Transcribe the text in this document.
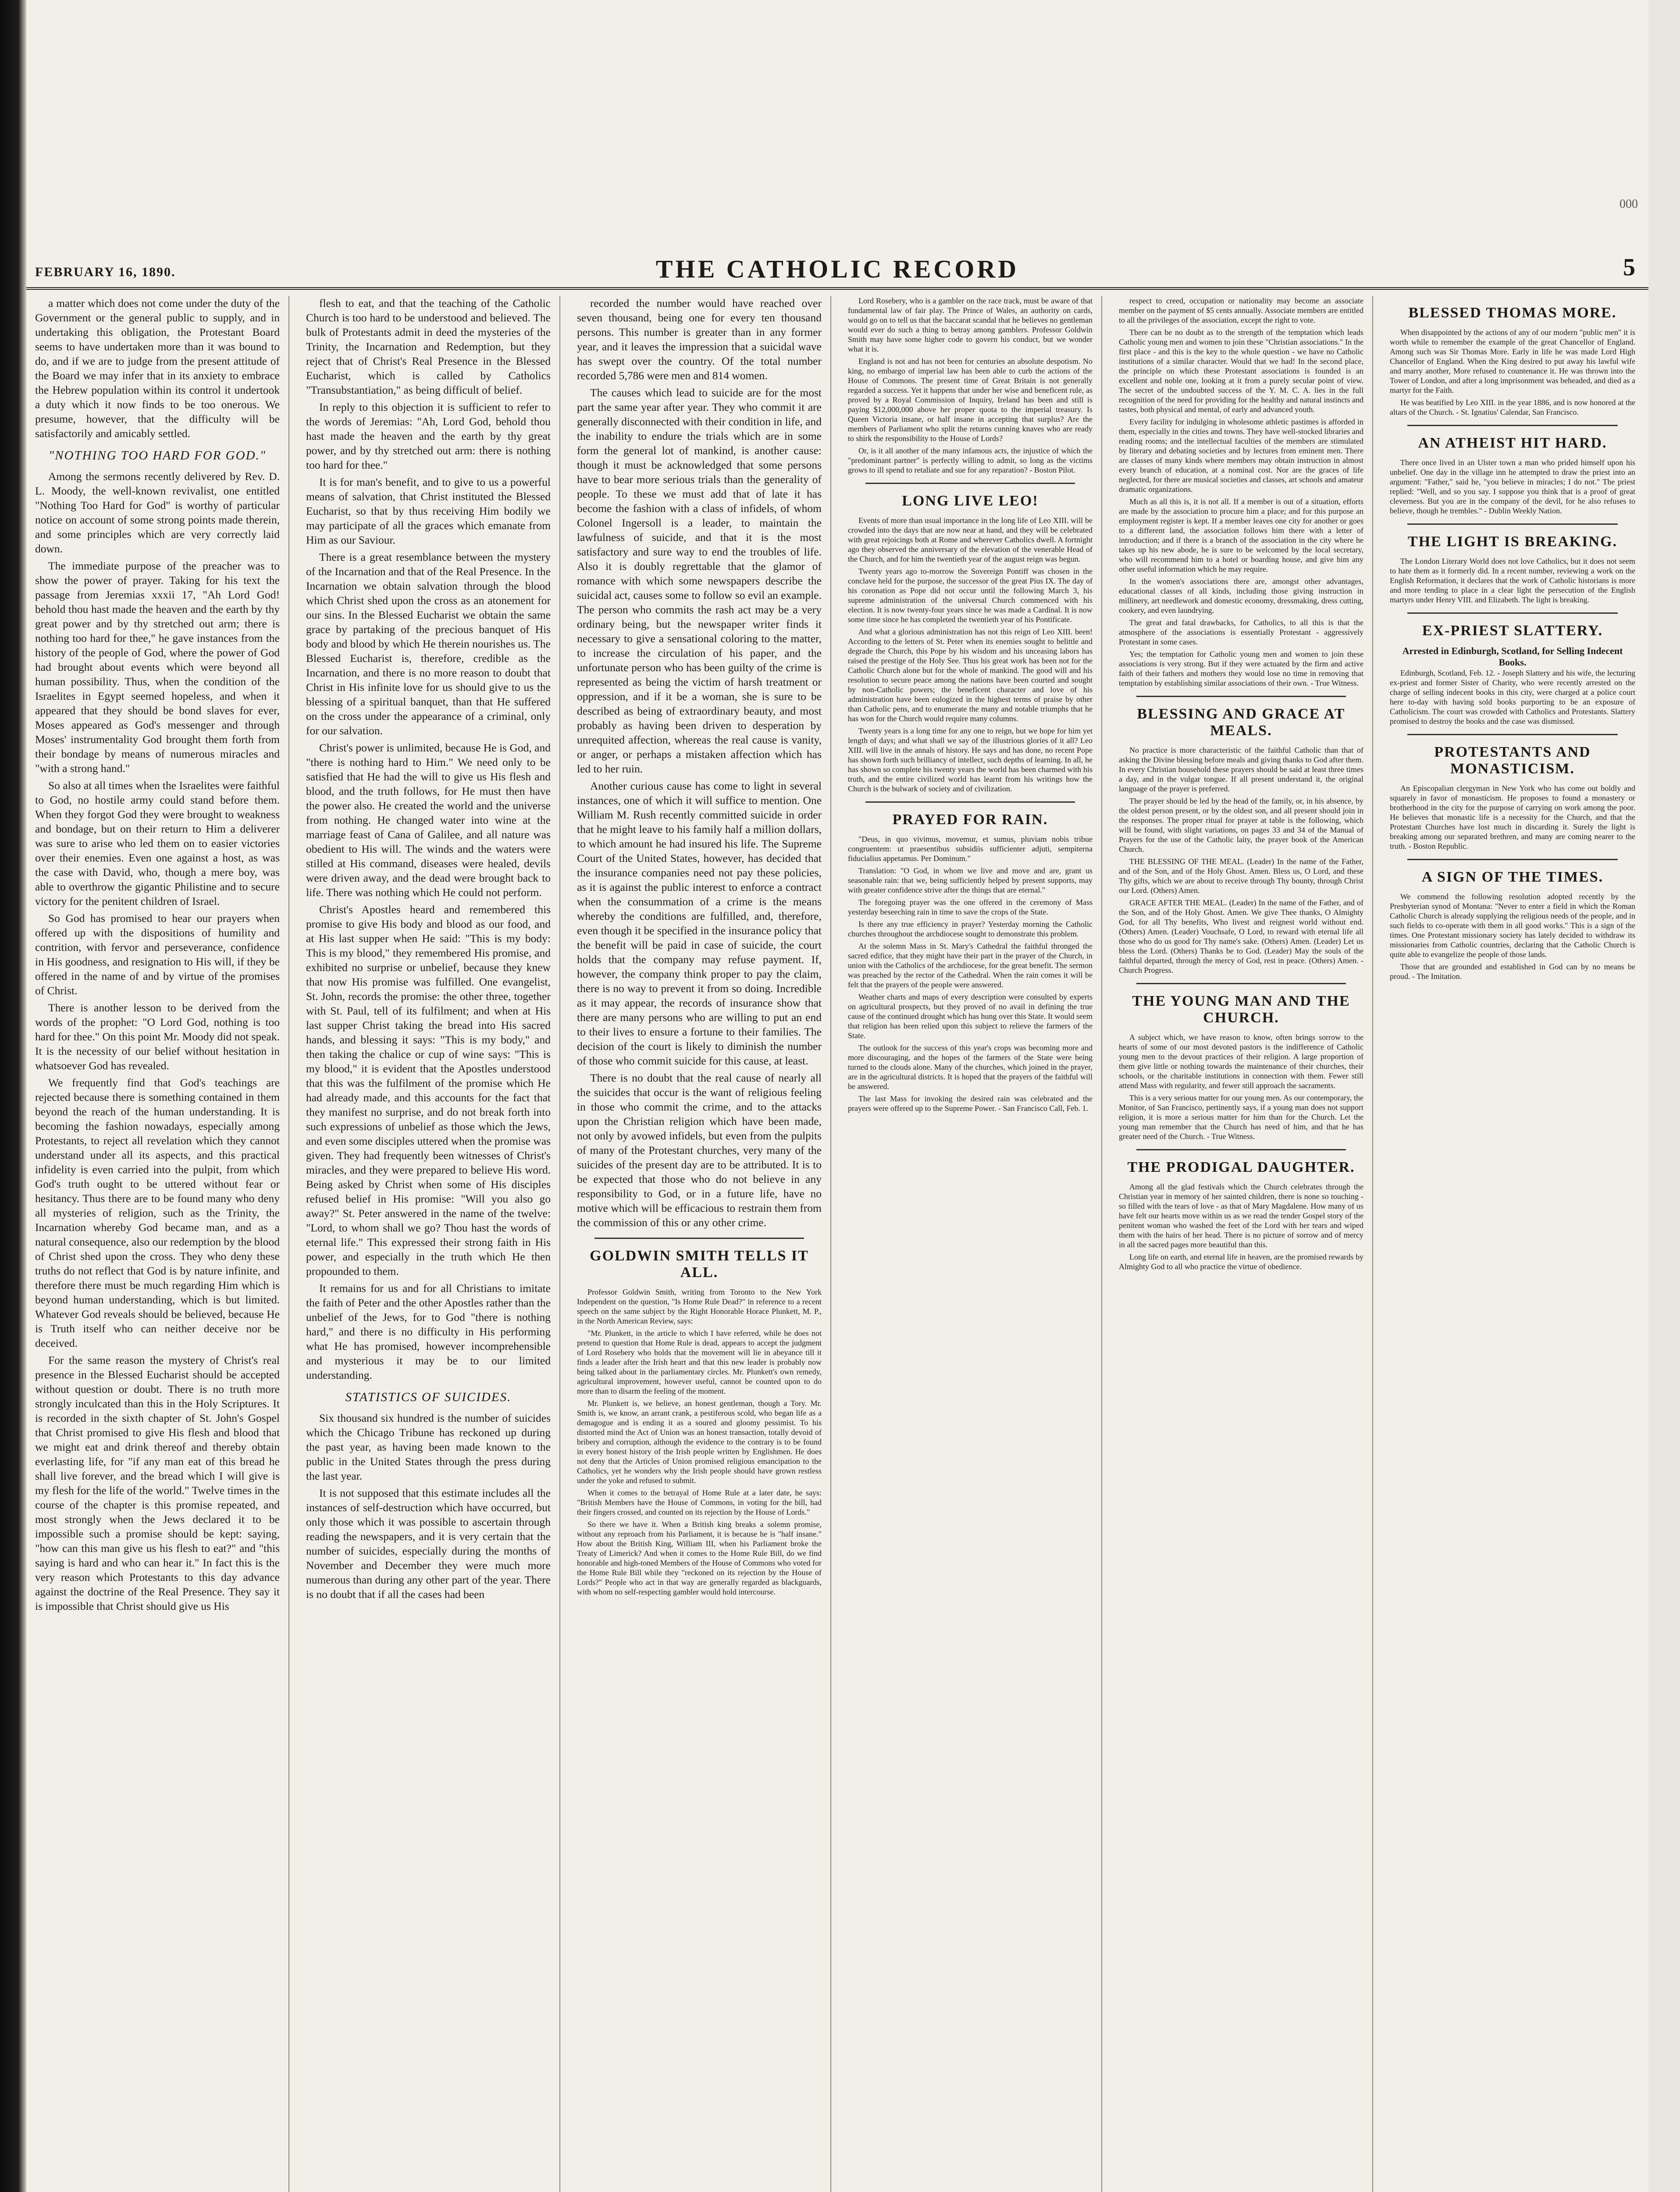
000
FEBRUARY 16, 1890.	THE CATHOLIC RECORD	5

a matter which does not come under the duty of the Government or the general public to supply, and in undertaking this obligation, the Protestant Board seems to have undertaken more than it was bound to do, and if we are to judge from the present attitude of the Board we may infer that in its anxiety to embrace the Hebrew population within its control it undertook a duty which it now finds to be too onerous. We presume, however, that the difficulty will be satisfactorily and amicably settled.

"NOTHING TOO HARD FOR GOD."

Among the sermons recently delivered by Rev. D. L. Moody, the well-known revivalist, one entitled "Nothing Too Hard for God" is worthy of particular notice on account of some strong points made therein, and some principles which are very correctly laid down.

The immediate purpose of the preacher was to show the power of prayer. Taking for his text the passage from Jeremias xxxii 17, "Ah Lord God! behold thou hast made the heaven and the earth by thy great power and by thy stretched out arm; there is nothing too hard for thee," he gave instances from the history of the people of God, where the power of God had brought about events which were beyond all human possibility. Thus, when the condition of the Israelites in Egypt seemed hopeless, and when it appeared that they should be bond slaves for ever, Moses appeared as God's messenger and through Moses' instrumentality God brought them forth from their bondage by means of numerous miracles and "with a strong hand."

So also at all times when the Israelites were faithful to God, no hostile army could stand before them. When they forgot God they were brought to weakness and bondage, but on their return to Him a deliverer was sure to arise who led them on to easier victories over their enemies. Even one against a host, as was the case with David, who, though a mere boy, was able to overthrow the gigantic Philistine and to secure victory for the penitent children of Israel.

So God has promised to hear our prayers when offered up with the dispositions of humility and contrition, with fervor and perseverance, confidence in His goodness, and resignation to His will, if they be offered in the name of and by virtue of the promises of Christ.

There is another lesson to be derived from the words of the prophet: "O Lord God, nothing is too hard for thee." On this point Mr. Moody did not speak. It is the necessity of our belief without hesitation in whatsoever God has revealed.

We frequently find that God's teachings are rejected because there is something contained in them beyond the reach of the human understanding. It is becoming the fashion nowadays, especially among Protestants, to reject all revelation which they cannot understand under all its aspects, and this practical infidelity is even carried into the pulpit, from which God's truth ought to be uttered without fear or hesitancy. Thus there are to be found many who deny all mysteries of religion, such as the Trinity, the Incarnation whereby God became man, and as a natural consequence, also our redemption by the blood of Christ shed upon the cross. They who deny these truths do not reflect that God is by nature infinite, and therefore there must be much regarding Him which is beyond human understanding, which is but limited. Whatever God reveals should be believed, because He is Truth itself who can neither deceive nor be deceived.

For the same reason the mystery of Christ's real presence in the Blessed Eucharist should be accepted without question or doubt. There is no truth more strongly inculcated than this in the Holy Scriptures. It is recorded in the sixth chapter of St. John's Gospel that Christ promised to give His flesh and blood that we might eat and drink thereof and thereby obtain everlasting life, for "if any man eat of this bread he shall live forever, and the bread which I will give is my flesh for the life of the world." Twelve times in the course of the chapter is this promise repeated, and most strongly when the Jews declared it to be impossible such a promise should be kept: saying, "how can this man give us his flesh to eat?" and "this saying is hard and who can hear it." In fact this is the very reason which Protestants to this day advance against the doctrine of the Real Presence. They say it is impossible that Christ should give us His

flesh to eat, and that the teaching of the Catholic Church is too hard to be understood and believed. The bulk of Protestants admit in deed the mysteries of the Trinity, the Incarnation and Redemption, but they reject that of Christ's Real Presence in the Blessed Eucharist, which is called by Catholics "Transubstantiation," as being difficult of belief.

In reply to this objection it is sufficient to refer to the words of Jeremias: "Ah, Lord God, behold thou hast made the heaven and the earth by thy great power, and by thy stretched out arm: there is nothing too hard for thee."

It is for man's benefit, and to give to us a powerful means of salvation, that Christ instituted the Blessed Eucharist, so that by thus receiving Him bodily we may participate of all the graces which emanate from Him as our Saviour.

There is a great resemblance between the mystery of the Incarnation and that of the Real Presence. In the Incarnation we obtain salvation through the blood which Christ shed upon the cross as an atonement for our sins. In the Blessed Eucharist we obtain the same grace by partaking of the precious banquet of His body and blood by which He therein nourishes us. The Blessed Eucharist is, therefore, credible as the Incarnation, and there is no more reason to doubt that Christ in His infinite love for us should give to us the blessing of a spiritual banquet, than that He suffered on the cross under the appearance of a criminal, only for our salvation.

Christ's power is unlimited, because He is God, and "there is nothing hard to Him." We need only to be satisfied that He had the will to give us His flesh and blood, and the truth follows, for He must then have the power also. He created the world and the universe from nothing. He changed water into wine at the marriage feast of Cana of Galilee, and all nature was obedient to His will. The winds and the waters were stilled at His command, diseases were healed, devils were driven away, and the dead were brought back to life. There was nothing which He could not perform.

Christ's Apostles heard and remembered this promise to give His body and blood as our food, and at His last supper when He said: "This is my body: This is my blood," they remembered His promise, and exhibited no surprise or unbelief, because they knew that now His promise was fulfilled. One evangelist, St. John, records the promise: the other three, together with St. Paul, tell of its fulfilment; and when at His last supper Christ taking the bread into His sacred hands, and blessing it says: "This is my body," and then taking the chalice or cup of wine says: "This is my blood," it is evident that the Apostles understood that this was the fulfilment of the promise which He had already made, and this accounts for the fact that they manifest no surprise, and do not break forth into such expressions of unbelief as those which the Jews, and even some disciples uttered when the promise was given. They had frequently been witnesses of Christ's miracles, and they were prepared to believe His word. Being asked by Christ when some of His disciples refused belief in His promise: "Will you also go away?" St. Peter answered in the name of the twelve: "Lord, to whom shall we go? Thou hast the words of eternal life." This expressed their strong faith in His power, and especially in the truth which He then propounded to them.

It remains for us and for all Christians to imitate the faith of Peter and the other Apostles rather than the unbelief of the Jews, for to God "there is nothing hard," and there is no difficulty in His performing what He has promised, however incomprehensible and mysterious it may be to our limited understanding.

STATISTICS OF SUICIDES.

Six thousand six hundred is the number of suicides which the Chicago Tribune has reckoned up during the past year, as having been made known to the public in the United States through the press during the last year.

It is not supposed that this estimate includes all the instances of self-destruction which have occurred, but only those which it was possible to ascertain through reading the newspapers, and it is very certain that the number of suicides, especially during the months of November and December they were much more numerous than during any other part of the year. There is no doubt that if all the cases had been

recorded the number would have reached over seven thousand, being one for every ten thousand persons. This number is greater than in any former year, and it leaves the impression that a suicidal wave has swept over the country. Of the total number recorded 5,786 were men and 814 women.

The causes which lead to suicide are for the most part the same year after year. They who commit it are generally disconnected with their condition in life, and the inability to endure the trials which are in some form the general lot of mankind, is another cause: though it must be acknowledged that some persons have to bear more serious trials than the generality of people. To these we must add that of late it has become the fashion with a class of infidels, of whom Colonel Ingersoll is a leader, to maintain the lawfulness of suicide, and that it is the most satisfactory and sure way to end the troubles of life. Also it is doubly regrettable that the glamor of romance with which some newspapers describe the suicidal act, causes some to follow so evil an example. The person who commits the rash act may be a very ordinary being, but the newspaper writer finds it necessary to give a sensational coloring to the matter, to increase the circulation of his paper, and the unfortunate person who has been guilty of the crime is represented as being the victim of harsh treatment or oppression, and if it be a woman, she is sure to be described as being of extraordinary beauty, and most probably as having been driven to desperation by unrequited affection, whereas the real cause is vanity, or anger, or perhaps a mistaken affection which has led to her ruin.

Another curious cause has come to light in several instances, one of which it will suffice to mention. One William M. Rush recently committed suicide in order that he might leave to his family half a million dollars, to which amount he had insured his life. The Supreme Court of the United States, however, has decided that the insurance companies need not pay these policies, as it is against the public interest to enforce a contract when the consummation of a crime is the means whereby the conditions are fulfilled, and, therefore, even though it be specified in the insurance policy that the benefit will be paid in case of suicide, the court holds that the company may refuse payment. If, however, the company think proper to pay the claim, there is no way to prevent it from so doing. Incredible as it may appear, the records of insurance show that there are many persons who are willing to put an end to their lives to ensure a fortune to their families. The decision of the court is likely to diminish the number of those who commit suicide for this cause, at least.

There is no doubt that the real cause of nearly all the suicides that occur is the want of religious feeling in those who commit the crime, and to the attacks upon the Christian religion which have been made, not only by avowed infidels, but even from the pulpits of many of the Protestant churches, very many of the suicides of the present day are to be attributed. It is to be expected that those who do not believe in any responsibility to God, or in a future life, have no motive which will be efficacious to restrain them from the commission of this or any other crime.

GOLDWIN SMITH TELLS IT ALL.

Professor Goldwin Smith, writing from Toronto to the New York Independent on the question, "Is Home Rule Dead?" in reference to a recent speech on the same subject by the Right Honorable Horace Plunkett, M. P., in the North American Review, says:

"Mr. Plunkett, in the article to which I have referred, while he does not pretend to question that Home Rule is dead, appears to accept the judgment of Lord Rosebery who holds that the movement will lie in abeyance till it finds a leader after the Irish heart and that this new leader is probably now being talked about in the parliamentary circles. Mr. Plunkett's own remedy, agricultural improvement, however useful, cannot be counted upon to do more than to disarm the feeling of the moment.

Mr. Plunkett is, we believe, an honest gentleman, though a Tory. Mr. Smith is, we know, an arrant crank, a pestiferous scold, who began life as a demagogue and is ending it as a soured and gloomy pessimist. To his distorted mind the Act of Union was an honest transaction, totally devoid of bribery and corruption, although the evidence to the contrary is to be found in every honest history of the Irish people written by Englishmen. He does not deny that the Articles of Union promised religious emancipation to the Catholics, yet he wonders why the Irish people should have grown restless under the yoke and refused to submit.

When it comes to the betrayal of Home Rule at a later date, he says: "British Members have the House of Commons, in voting for the bill, had their fingers crossed, and counted on its rejection by the House of Lords."

So there we have it. When a British king breaks a solemn promise, without any reproach from his Parliament, it is because he is "half insane." How about the British King, William III, when his Parliament broke the Treaty of Limerick? And when it comes to the Home Rule Bill, do we find honorable and high-toned Members of the House of Commons who voted for the Home Rule Bill while they "reckoned on its rejection by the House of Lords?" People who act in that way are generally regarded as blackguards, with whom no self-respecting gambler would hold intercourse.

Lord Rosebery, who is a gambler on the race track, must be aware of that fundamental law of fair play. The Prince of Wales, an authority on cards, would go on to tell us that the baccarat scandal that he believes no gentleman would ever do such a thing to betray among gamblers. Professor Goldwin Smith may have some higher code to govern his conduct, but we wonder what it is.

England is not and has not been for centuries an absolute despotism. No king, no embargo of imperial law has been able to curb the actions of the House of Commons. The present time of Great Britain is not generally regarded a success. Yet it happens that under her wise and beneficent rule, as proved by a Royal Commission of Inquiry, Ireland has been and still is paying $12,000,000 above her proper quota to the imperial treasury. Is Queen Victoria insane, or half insane in accepting that surplus? Are the members of Parliament who split the returns cunning knaves who are ready to shirk the responsibility to the House of Lords?

Or, is it all another of the many infamous acts, the injustice of which the "predominant partner" is perfectly willing to admit, so long as the victims grows to ill spend to retaliate and sue for any reparation? - Boston Pilot.

LONG LIVE LEO!

Events of more than usual importance in the long life of Leo XIII. will be crowded into the days that are now near at hand, and they will be celebrated with great rejoicings both at Rome and wherever Catholics dwell. A fortnight ago they observed the anniversary of the elevation of the venerable Head of the Church, and for him the twentieth year of the august reign was begun.

Twenty years ago to-morrow the Sovereign Pontiff was chosen in the conclave held for the purpose, the successor of the great Pius IX. The day of his coronation as Pope did not occur until the following March 3, his supreme administration of the universal Church commenced with his election. It is now twenty-four years since he was made a Cardinal. It is now some time since he has completed the twentieth year of his Pontificate.

And what a glorious administration has not this reign of Leo XIII. been! According to the letters of St. Peter when its enemies sought to belittle and degrade the Church, this Pope by his wisdom and his unceasing labors has raised the prestige of the Holy See. Thus his great work has been not for the Catholic Church alone but for the whole of mankind. The good will and his resolution to secure peace among the nations have been courted and sought by non-Catholic powers; the beneficent character and love of his administration have been eulogized in the highest terms of praise by other than Catholic pens, and to enumerate the many and notable triumphs that he has won for the Church would require many columns.

Twenty years is a long time for any one to reign, but we hope for him yet length of days; and what shall we say of the illustrious glories of it all? Leo XIII. will live in the annals of history. He says and has done, no recent Pope has shown forth such brilliancy of intellect, such depths of learning. In all, he has shown so complete his twenty years the world has been charmed with his truth, and the entire civilized world has learnt from his writings how the Church is the bulwark of society and of civilization.

PRAYED FOR RAIN.

"Deus, in quo vivimus, movemur, et sumus, pluviam nobis tribue congruentem: ut praesentibus subsidiis sufficienter adjuti, sempiterna fiducialius appetamus. Per Dominum."

Translation: "O God, in whom we live and move and are, grant us seasonable rain: that we, being sufficiently helped by present supports, may with greater confidence strive after the things that are eternal."

The foregoing prayer was the one offered in the ceremony of Mass yesterday beseeching rain in time to save the crops of the State.

Is there any true efficiency in prayer? Yesterday morning the Catholic churches throughout the archdiocese sought to demonstrate this problem.

At the solemn Mass in St. Mary's Cathedral the faithful thronged the sacred edifice, that they might have their part in the prayer of the Church, in union with the Catholics of the archdiocese, for the great benefit. The sermon was preached by the rector of the Cathedral. When the rain comes it will be felt that the prayers of the people were answered.

Weather charts and maps of every description were consulted by experts on agricultural prospects, but they proved of no avail in defining the true cause of the continued drought which has hung over this State. It would seem that religion has been relied upon this subject to relieve the farmers of the State.

The outlook for the success of this year's crops was becoming more and more discouraging, and the hopes of the farmers of the State were being turned to the clouds alone. Many of the churches, which joined in the prayer, are in the agricultural districts. It is hoped that the prayers of the faithful will be answered.

The last Mass for invoking the desired rain was celebrated and the prayers were offered up to the Supreme Power. - San Francisco Call, Feb. 1.

respect to creed, occupation or nationality may become an associate member on the payment of $5 cents annually. Associate members are entitled to all the privileges of the association, except the right to vote.

There can be no doubt as to the strength of the temptation which leads Catholic young men and women to join these "Christian associations." In the first place - and this is the key to the whole question - we have no Catholic institutions of a similar character. Would that we had! In the second place, the principle on which these Protestant associations is founded is an excellent and noble one, looking at it from a purely secular point of view. The secret of the undoubted success of the Y. M. C. A. lies in the full recognition of the need for providing for the healthy and natural instincts and tastes, both physical and mental, of early and advanced youth.

Every facility for indulging in wholesome athletic pastimes is afforded in them, especially in the cities and towns. They have well-stocked libraries and reading rooms; and the intellectual faculties of the members are stimulated by literary and debating societies and by lectures from eminent men. There are classes of many kinds where members may obtain instruction in almost every branch of education, at a nominal cost. Nor are the graces of life neglected, for there are musical societies and classes, art schools and amateur dramatic organizations.

Much as all this is, it is not all. If a member is out of a situation, efforts are made by the association to procure him a place; and for this purpose an employment register is kept. If a member leaves one city for another or goes to a different land, the association follows him there with a letter of introduction; and if there is a branch of the association in the city where he takes up his new abode, he is sure to be welcomed by the local secretary, who will recommend him to a hotel or boarding house, and give him any other useful information which he may require.

In the women's associations there are, amongst other advantages, educational classes of all kinds, including those giving instruction in millinery, art needlework and domestic economy, dressmaking, dress cutting, cookery, and even laundrying.

The great and fatal drawbacks, for Catholics, to all this is that the atmosphere of the associations is essentially Protestant - aggressively Protestant in some cases.

Yes; the temptation for Catholic young men and women to join these associations is very strong. But if they were actuated by the firm and active faith of their fathers and mothers they would lose no time in removing that temptation by establishing similar associations of their own. - True Witness.

BLESSING AND GRACE AT MEALS.

No practice is more characteristic of the faithful Catholic than that of asking the Divine blessing before meals and giving thanks to God after them. In every Christian household these prayers should be said at least three times a day, and in the vulgar tongue. If all present understand it, the original language of the prayer is preferred.

The prayer should be led by the head of the family, or, in his absence, by the oldest person present, or by the oldest son, and all present should join in the responses. The proper ritual for prayer at table is the following, which will be found, with slight variations, on pages 33 and 34 of the Manual of Prayers for the use of the Catholic laity, the prayer book of the American Church.

THE BLESSING OF THE MEAL. (Leader) In the name of the Father, and of the Son, and of the Holy Ghost. Amen. Bless us, O Lord, and these Thy gifts, which we are about to receive through Thy bounty, through Christ our Lord. (Others) Amen.

GRACE AFTER THE MEAL. (Leader) In the name of the Father, and of the Son, and of the Holy Ghost. Amen. We give Thee thanks, O Almighty God, for all Thy benefits, Who livest and reignest world without end. (Others) Amen. (Leader) Vouchsafe, O Lord, to reward with eternal life all those who do us good for Thy name's sake. (Others) Amen. (Leader) Let us bless the Lord. (Others) Thanks be to God. (Leader) May the souls of the faithful departed, through the mercy of God, rest in peace. (Others) Amen. - Church Progress.

THE YOUNG MAN AND THE CHURCH.

A subject which, we have reason to know, often brings sorrow to the hearts of some of our most devoted pastors is the indifference of Catholic young men to the devout practices of their religion. A large proportion of them give little or nothing towards the maintenance of their churches, their schools, or the charitable institutions in connection with them. Fewer still attend Mass with regularity, and fewer still approach the sacraments.

This is a very serious matter for our young men. As our contemporary, the Monitor, of San Francisco, pertinently says, if a young man does not support religion, it is more a serious matter for him than for the Church. Let the young man remember that the Church has need of him, and that he has greater need of the Church. - True Witness.

THE PRODIGAL DAUGHTER.

Among all the glad festivals which the Church celebrates through the Christian year in memory of her sainted children, there is none so touching - so filled with the tears of love - as that of Mary Magdalene. How many of us have felt our hearts move within us as we read the tender Gospel story of the penitent woman who washed the feet of the Lord with her tears and wiped them with the hairs of her head. There is no picture of sorrow and of mercy in all the sacred pages more beautiful than this.

Long life on earth, and eternal life in heaven, are the promised rewards by Almighty God to all who practice the virtue of obedience.

BLESSED THOMAS MORE.

When disappointed by the actions of any of our modern "public men" it is worth while to remember the example of the great Chancellor of England. Among such was Sir Thomas More. Early in life he was made Lord High Chancellor of England. When the King desired to put away his lawful wife and marry another, More refused to countenance it. He was thrown into the Tower of London, and after a long imprisonment was beheaded, and died as a martyr for the Faith.

He was beatified by Leo XIII. in the year 1886, and is now honored at the altars of the Church. - St. Ignatius' Calendar, San Francisco.

AN ATHEIST HIT HARD.

There once lived in an Ulster town a man who prided himself upon his unbelief. One day in the village inn he attempted to draw the priest into an argument: "Father," said he, "you believe in miracles; I do not." The priest replied: "Well, and so you say. I suppose you think that is a proof of great cleverness. But you are in the company of the devil, for he also refuses to believe, though he trembles." - Dublin Weekly Nation.

THE LIGHT IS BREAKING.

The London Literary World does not love Catholics, but it does not seem to hate them as it formerly did. In a recent number, reviewing a work on the English Reformation, it declares that the work of Catholic historians is more and more tending to place in a clear light the persecution of the English martyrs under Henry VIII. and Elizabeth. The light is breaking.

EX-PRIEST SLATTERY.
Arrested in Edinburgh, Scotland, for Selling Indecent Books.

Edinburgh, Scotland, Feb. 12. - Joseph Slattery and his wife, the lecturing ex-priest and former Sister of Charity, who were recently arrested on the charge of selling indecent books in this city, were charged at a police court here to-day with having sold books purporting to be an exposure of Catholicism. The court was crowded with Catholics and Protestants. Slattery promised to destroy the books and the case was dismissed.

PROTESTANTS AND MONASTICISM.

An Episcopalian clergyman in New York who has come out boldly and squarely in favor of monasticism. He proposes to found a monastery or brotherhood in the city for the purpose of carrying on work among the poor. He believes that monastic life is a necessity for the Church, and that the Protestant Churches have lost much in discarding it. Surely the light is breaking among our separated brethren, and many are coming nearer to the truth. - Boston Republic.

A SIGN OF THE TIMES.

We commend the following resolution adopted recently by the Presbyterian synod of Montana: "Never to enter a field in which the Roman Catholic Church is already supplying the religious needs of the people, and in such fields to co-operate with them in all good works." This is a sign of the times. One Protestant missionary society has lately decided to withdraw its missionaries from Catholic countries, declaring that the Catholic Church is quite able to evangelize the people of those lands.

Those that are grounded and established in God can by no means be proud. - The Imitation.
